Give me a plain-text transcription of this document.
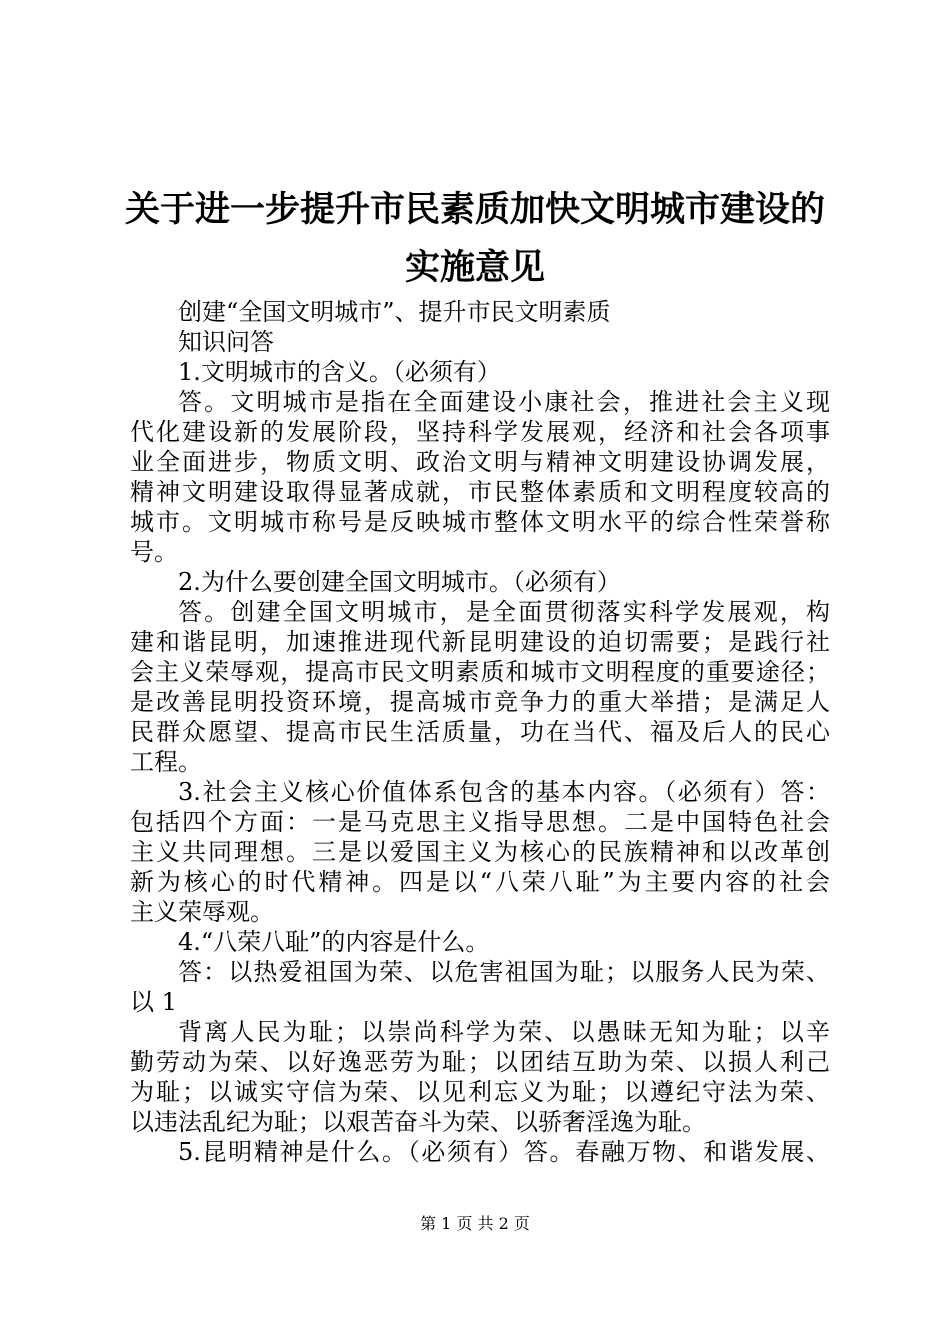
关于进一步提升市民素质加快文明城市建设的
实施意见
创建“全国文明城市”、提升市民文明素质
知识问答
1.文明城市的含义。（必须有）
答。文明城市是指在全面建设小康社会，推进社会主义现
代化建设新的发展阶段，坚持科学发展观，经济和社会各项事
业全面进步，物质文明、政治文明与精神文明建设协调发展，
精神文明建设取得显著成就，市民整体素质和文明程度较高的
城市。文明城市称号是反映城市整体文明水平的综合性荣誉称
号。
2.为什么要创建全国文明城市。（必须有）
答。创建全国文明城市，是全面贯彻落实科学发展观，构
建和谐昆明，加速推进现代新昆明建设的迫切需要；是践行社
会主义荣辱观，提高市民文明素质和城市文明程度的重要途径；
是改善昆明投资环境，提高城市竞争力的重大举措；是满足人
民群众愿望、提高市民生活质量，功在当代、福及后人的民心
工程。
3.社会主义核心价值体系包含的基本内容。（必须有）答：
包括四个方面：一是马克思主义指导思想。二是中国特色社会
主义共同理想。三是以爱国主义为核心的民族精神和以改革创
新为核心的时代精神。四是以“八荣八耻”为主要内容的社会
主义荣辱观。
4.“八荣八耻”的内容是什么。
答：以热爱祖国为荣、以危害祖国为耻；以服务人民为荣、
以 1
背离人民为耻；以崇尚科学为荣、以愚昧无知为耻；以辛
勤劳动为荣、以好逸恶劳为耻；以团结互助为荣、以损人利己
为耻；以诚实守信为荣、以见利忘义为耻；以遵纪守法为荣、
以违法乱纪为耻；以艰苦奋斗为荣、以骄奢淫逸为耻。
5.昆明精神是什么。（必须有）答。春融万物、和谐发展、
第 1 页 共 2 页
